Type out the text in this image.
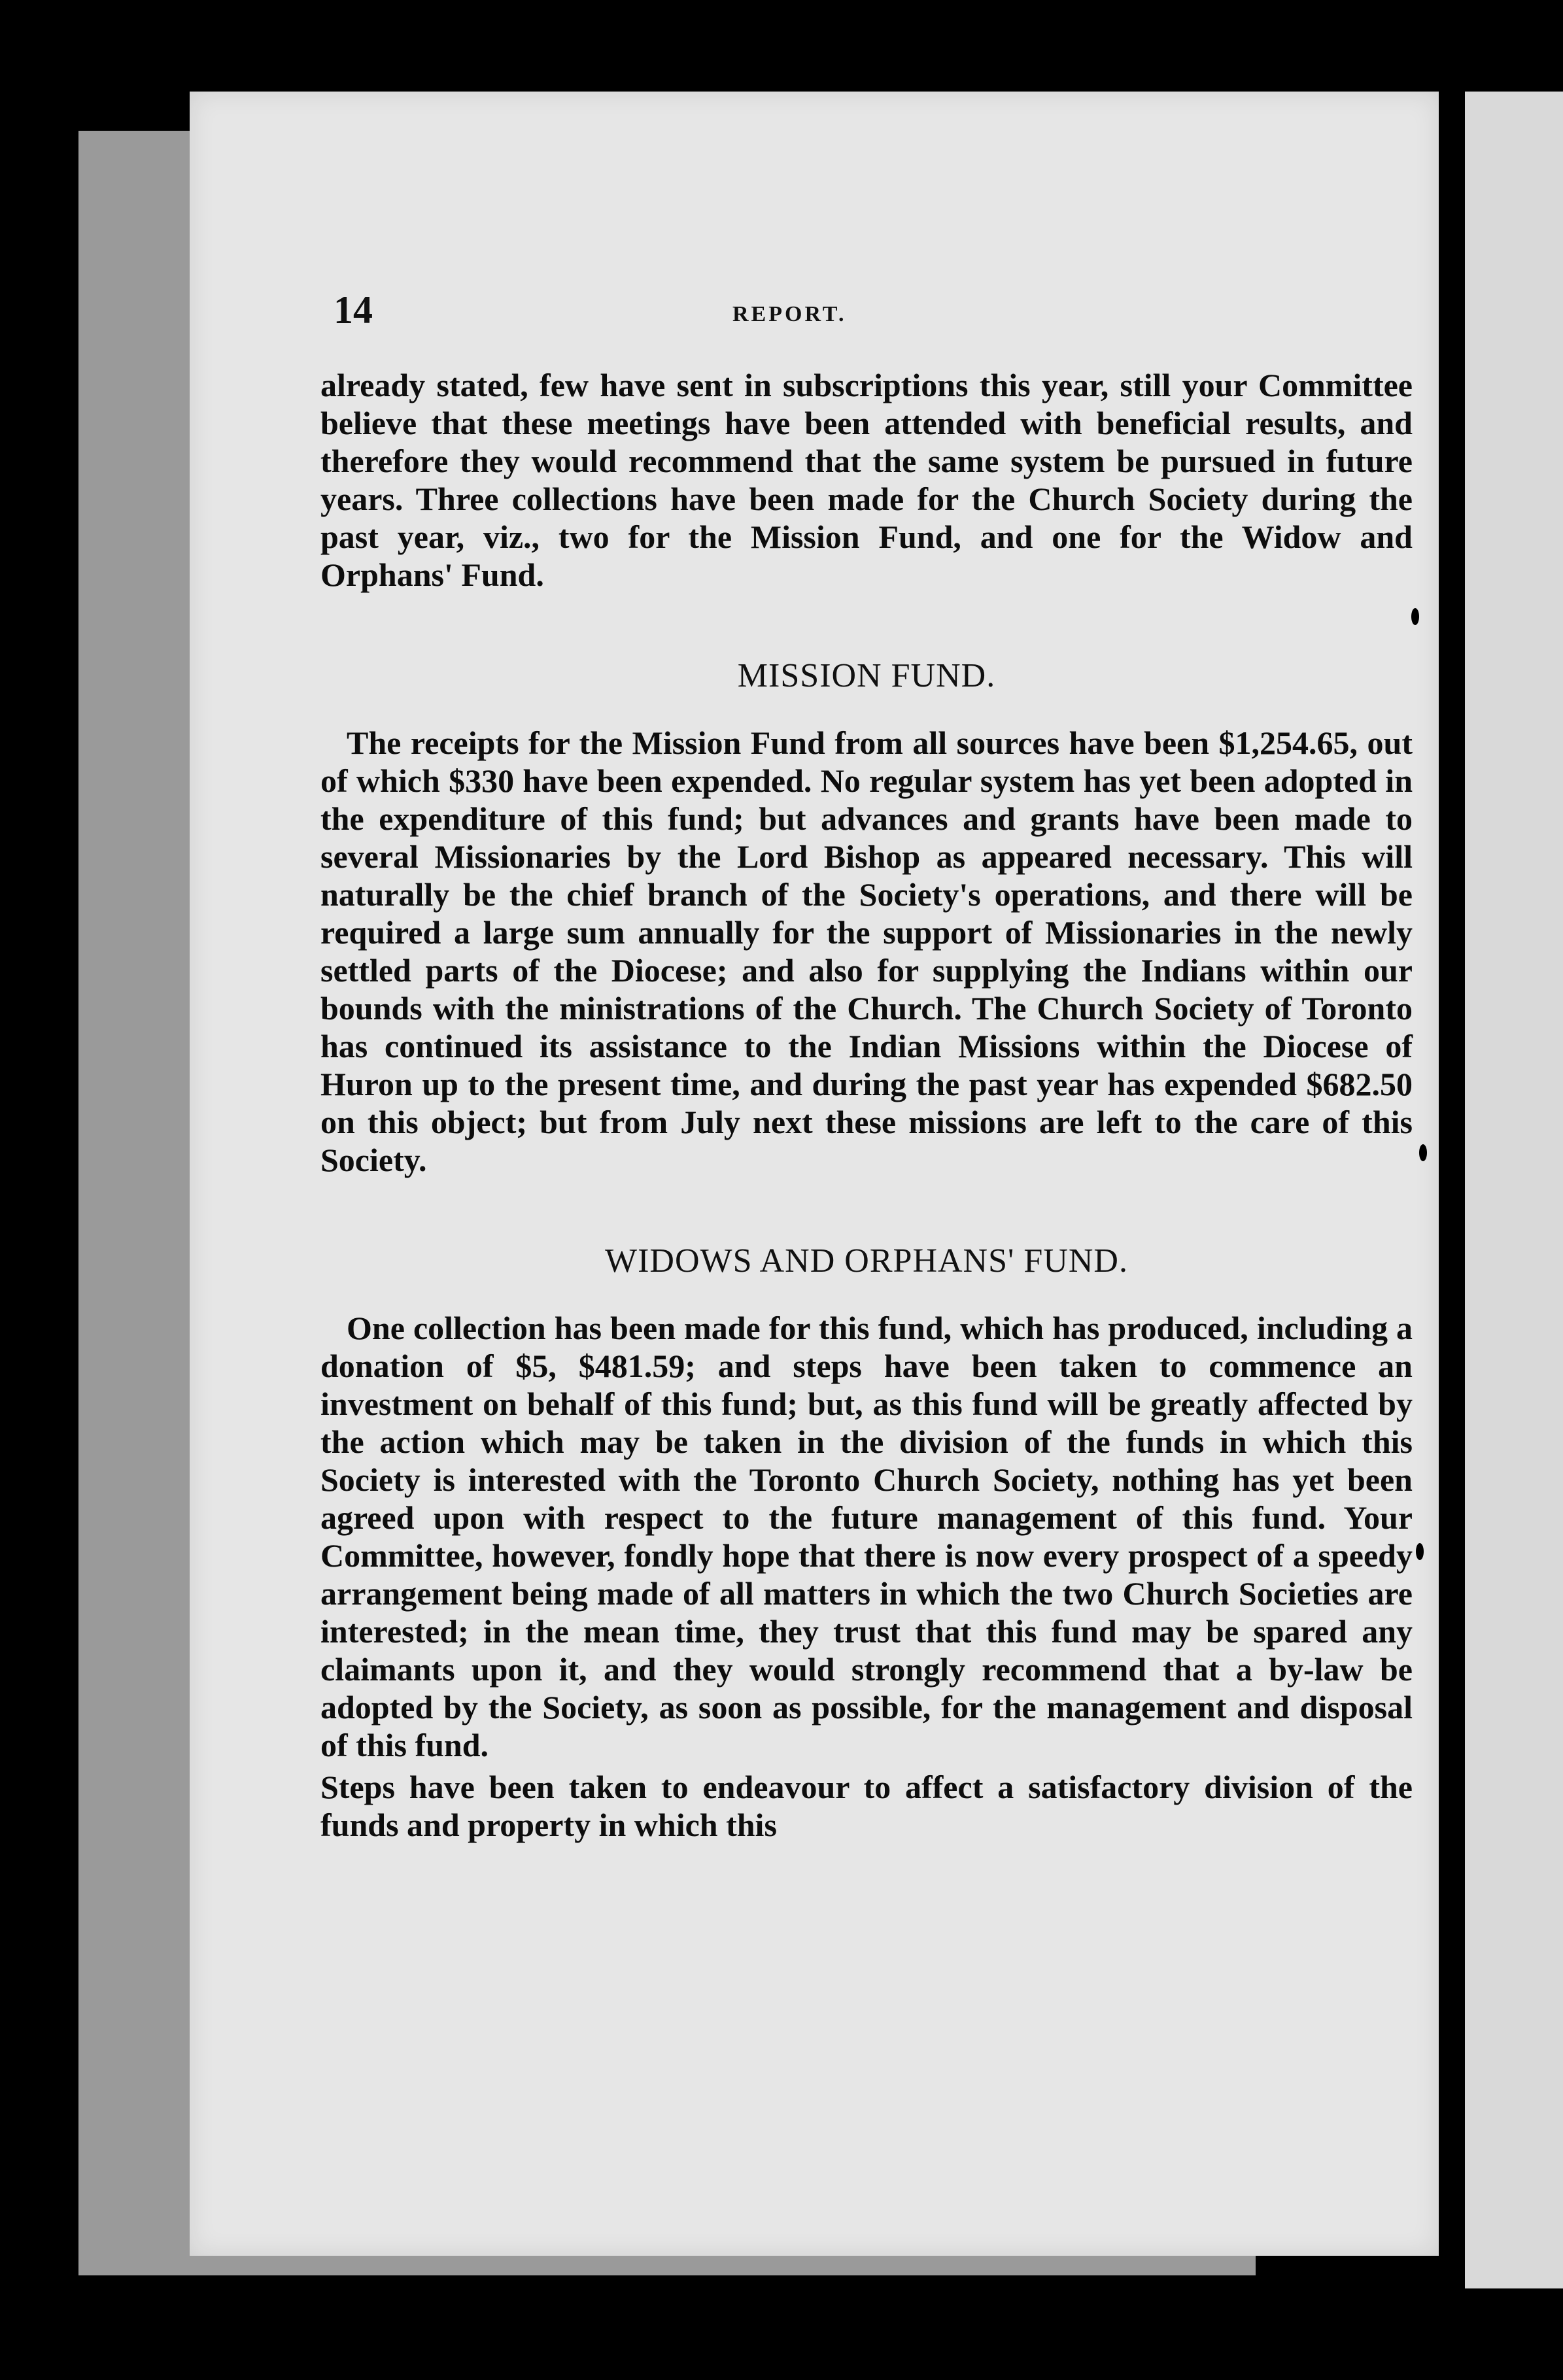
14	REPORT.

already stated, few have sent in subscriptions this year, still your Committee believe that these meetings have been attended with beneficial results, and therefore they would recommend that the same system be pursued in future years. Three collections have been made for the Church Society during the past year, viz., two for the Mission Fund, and one for the Widow and Orphans' Fund.

MISSION FUND.

The receipts for the Mission Fund from all sources have been $1,254.65, out of which $330 have been expended. No regular system has yet been adopted in the expenditure of this fund; but advances and grants have been made to several Missionaries by the Lord Bishop as appeared necessary. This will naturally be the chief branch of the Society's operations, and there will be required a large sum annually for the support of Missionaries in the newly settled parts of the Diocese; and also for supplying the Indians within our bounds with the ministrations of the Church. The Church Society of Toronto has continued its assistance to the Indian Missions within the Diocese of Huron up to the present time, and during the past year has expended $682.50 on this object; but from July next these missions are left to the care of this Society.

WIDOWS AND ORPHANS' FUND.

One collection has been made for this fund, which has produced, including a donation of $5, $481.59; and steps have been taken to commence an investment on behalf of this fund; but, as this fund will be greatly affected by the action which may be taken in the division of the funds in which this Society is interested with the Toronto Church Society, nothing has yet been agreed upon with respect to the future management of this fund. Your Committee, however, fondly hope that there is now every prospect of a speedy arrangement being made of all matters in which the two Church Societies are interested; in the mean time, they trust that this fund may be spared any claimants upon it, and they would strongly recommend that a by-law be adopted by the Society, as soon as possible, for the management and disposal of this fund.

Steps have been taken to endeavour to affect a satisfactory division of the funds and property in which this
